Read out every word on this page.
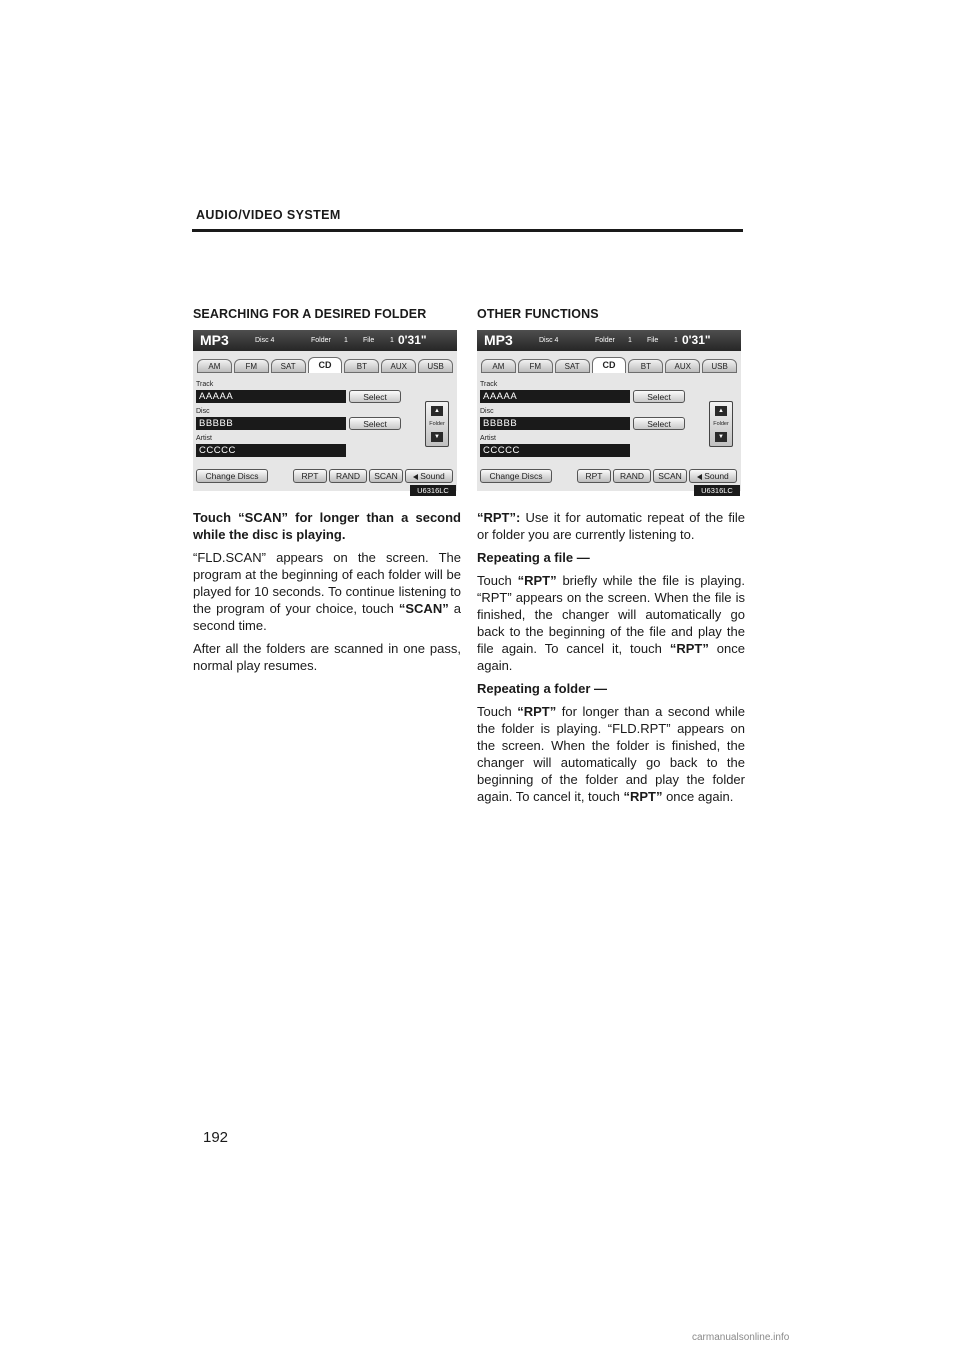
AUDIO/VIDEO SYSTEM
SEARCHING FOR A DESIRED FOLDER
MP3	Disc 4	Folder 1 File 1 0'31"
AM	FM	SAT	CD	BT	AUX	USB
Track
AAAAA	Select
Disc
BBBBB	Select
Artist
CCCCC
▲
Folder
▼
Change Discs	RPT	RAND	SCAN	Sound
U6316LC

Touch “SCAN” for longer than a second while the disc is playing.

“FLD.SCAN” appears on the screen. The program at the beginning of each folder will be played for 10 seconds. To continue listening to the program of your choice, touch “SCAN” a second time.

After all the folders are scanned in one pass, normal play resumes.

OTHER FUNCTIONS
MP3	Disc 4	Folder 1 File 1 0'31"
AM	FM	SAT	CD	BT	AUX	USB
Track
AAAAA	Select
Disc
BBBBB	Select
Artist
CCCCC
▲
Folder
▼
Change Discs	RPT	RAND	SCAN	Sound
U6316LC

“RPT”: Use it for automatic repeat of the file or folder you are currently listening to.

Repeating a file —

Touch “RPT” briefly while the file is playing. “RPT” appears on the screen. When the file is finished, the changer will automatically go back to the beginning of the file and play the file again. To cancel it, touch “RPT” once again.

Repeating a folder —

Touch “RPT” for longer than a second while the folder is playing. “FLD.RPT” appears on the screen. When the folder is finished, the changer will automatically go back to the beginning of the folder and play the folder again. To cancel it, touch “RPT” once again.

192
carmanualsonline.info
